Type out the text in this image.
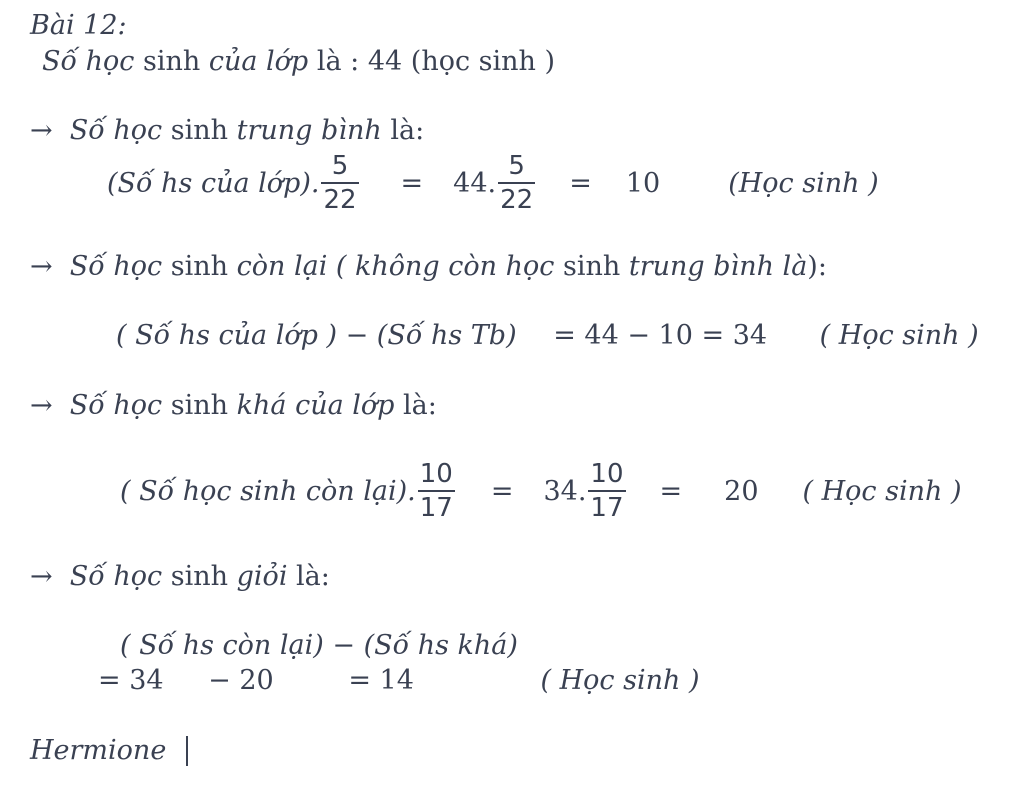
Bài 12:
Số học sinh của lớp là : 44 (học sinh )
→ Số học sinh trung bình là:
(Số hs của lớp). $\frac{5}{22} = 44$. $\frac{5}{22} = 10$	(Học sinh )
→ Số học sinh còn lại ( không còn học sinh trung bình là):
( Số hs của lớp ) − (Số hs Tb) = 44 − 10 = 34 ( Học sinh )
→ Số học sinh khá của lớp là:
( Số học sinh còn lại). $\frac{10}{17} = 34$. $\frac{10}{17} = 20$ ( Học sinh )
→ Số học sinh giỏi là:
( Số hs còn lại) − (Số hs khá)
= 34 − 20	= 14	( Học sinh )
Hermione
